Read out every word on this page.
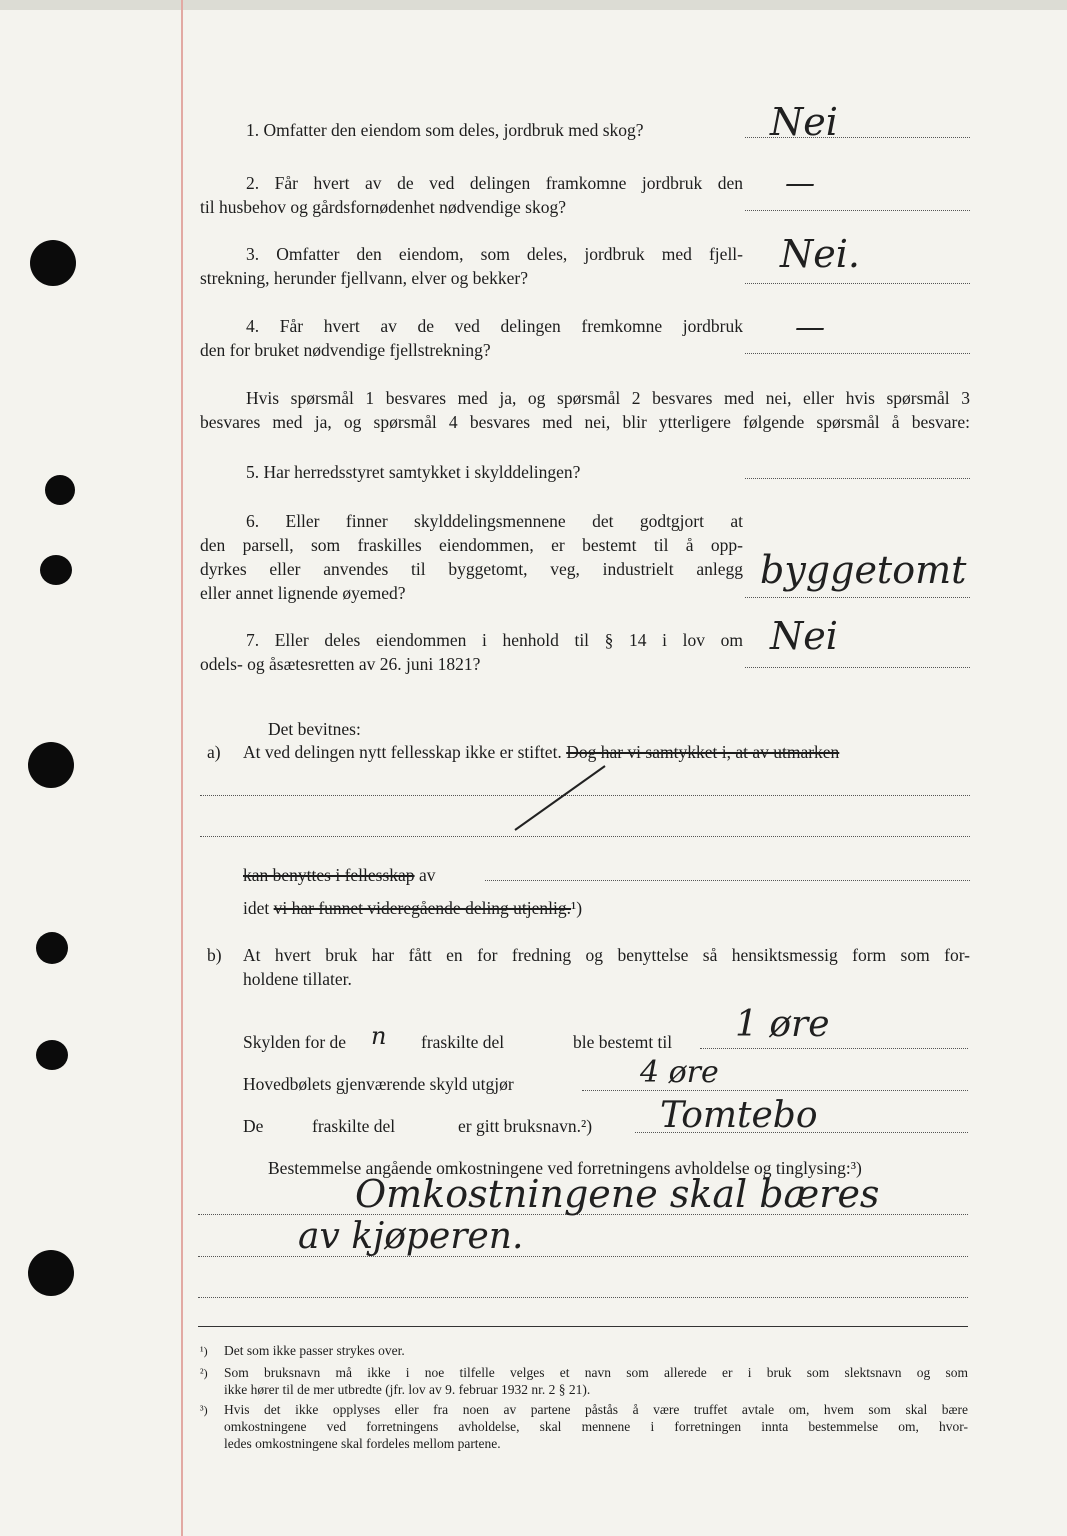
1. Omfatter den eiendom som deles, jordbruk med skog?	Nei
2. Får hvert av de ved delingen framkomne jordbruk den
til husbehov og gårdsfornødenhet nødvendige skog?
—
3. Omfatter den eiendom, som deles, jordbruk med fjell-
strekning, herunder fjellvann, elver og bekker?
Nei.
4. Får hvert av de ved delingen fremkomne jordbruk
den for bruket nødvendige fjellstrekning?
—
Hvis spørsmål 1 besvares med ja, og spørsmål 2 besvares med nei, eller hvis spørsmål 3
besvares med ja, og spørsmål 4 besvares med nei, blir ytterligere følgende spørsmål å besvare:
5. Har herredsstyret samtykket i skylddelingen?
6. Eller finner skylddelingsmennene det godtgjort at
den parsell, som fraskilles eiendommen, er bestemt til å opp-
dyrkes eller anvendes til byggetomt, veg, industrielt anlegg
eller annet lignende øyemed?
byggetomt
7. Eller deles eiendommen i henhold til § 14 i lov om
odels- og åsætesretten av 26. juni 1821?
Nei
Det bevitnes:
a) At ved delingen nytt fellesskap ikke er stiftet. Dog har vi samtykket i, at av utmarken
kan benyttes i fellesskap av
idet vi har funnet videregående deling utjenlig.¹)
b) At hvert bruk har fått en for fredning og benyttelse så hensiktsmessig form som for-
holdene tillater.
Skylden for de n fraskilte del	ble bestemt til 1 øre
Hovedbølets gjenværende skyld utgjør	4 øre
De	fraskilte del	er gitt bruksnavn.²) Tomtebo
Bestemmelse angående omkostningene ved forretningens avholdelse og tinglysing:³)
Omkostningene skal bæres
av kjøperen.
¹) Det som ikke passer strykes over.
²) Som bruksnavn må ikke i noe tilfelle velges et navn som allerede er i bruk som slektsnavn og som
ikke hører til de mer utbredte (jfr. lov av 9. februar 1932 nr. 2 § 21).
³) Hvis det ikke opplyses eller fra noen av partene påstås å være truffet avtale om, hvem som skal bære
omkostningene ved forretningens avholdelse, skal mennene i forretningen innta bestemmelse om, hvor-
ledes omkostningene skal fordeles mellom partene.
